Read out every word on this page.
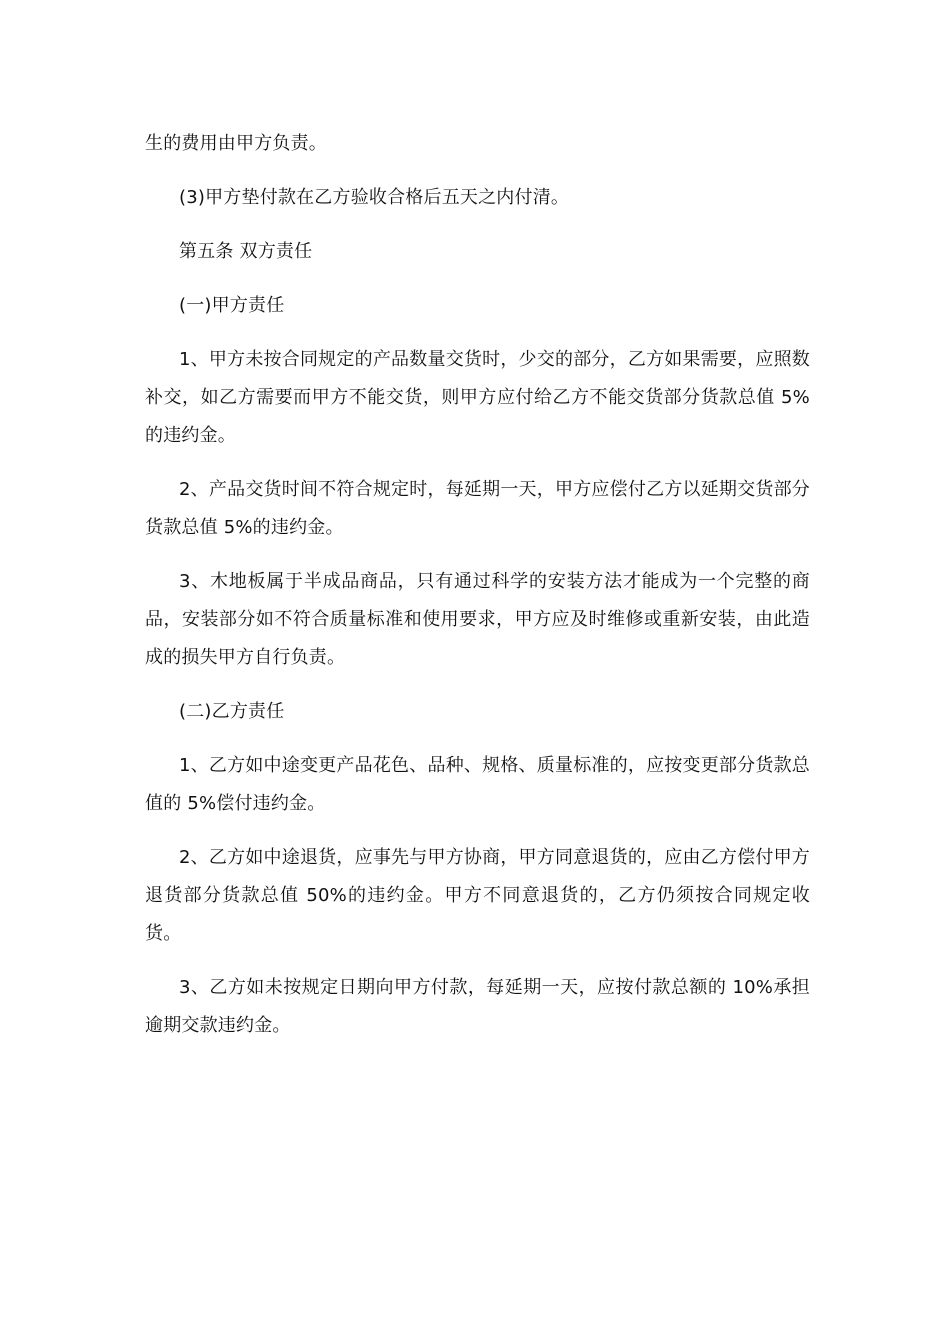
生的费用由甲方负责。

(3)甲方垫付款在乙方验收合格后五天之内付清。

第五条 双方责任

(一)甲方责任

1、甲方未按合同规定的产品数量交货时，少交的部分，乙方如果需要，应照数补交，如乙方需要而甲方不能交货，则甲方应付给乙方不能交货部分货款总值 5%的违约金。

2、产品交货时间不符合规定时，每延期一天，甲方应偿付乙方以延期交货部分货款总值 5%的违约金。

3、木地板属于半成品商品，只有通过科学的安装方法才能成为一个完整的商品，安装部分如不符合质量标准和使用要求，甲方应及时维修或重新安装，由此造成的损失甲方自行负责。

(二)乙方责任

1、乙方如中途变更产品花色、品种、规格、质量标准的，应按变更部分货款总值的 5%偿付违约金。

2、乙方如中途退货，应事先与甲方协商，甲方同意退货的，应由乙方偿付甲方退货部分货款总值 50%的违约金。甲方不同意退货的，乙方仍须按合同规定收货。

3、乙方如未按规定日期向甲方付款，每延期一天，应按付款总额的 10%承担逾期交款违约金。
